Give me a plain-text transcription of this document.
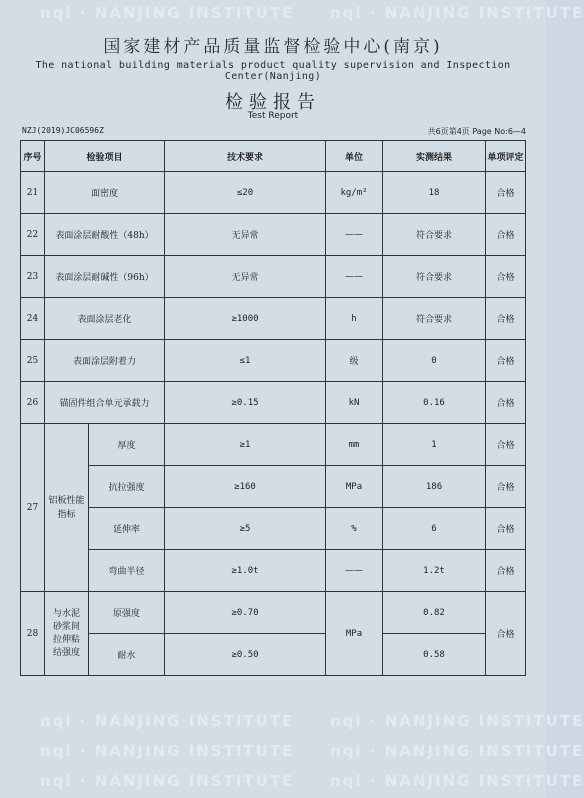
nqi · NANJING INSTITUTE nqi · NANJING INSTITUTE
nqi · NANJING INSTITUTE nqi · NANJING INSTITUTE
nqi · NANJING INSTITUTE nqi · NANJING INSTITUTE
nqi · NANJING INSTITUTE nqi · NANJING INSTITUTE
国家建材产品质量监督检验中心(南京)
The national building materials product quality supervision and Inspection Center(Nanjing)
检验报告
Test Report
NZJ(2019)JC06596Z	共6页第4页 Page No:6—4
序号	检验项目		技术要求	单位	实测结果	单项评定
21	面密度		≤20	kg/m²	18	合格
22	表面涂层耐酸性（48h）		无异常	——	符合要求	合格
23	表面涂层耐碱性（96h）		无异常	——	符合要求	合格
24	表面涂层老化		≥1000	h	符合要求	合格
25	表面涂层附着力		≤1	级	0	合格
26	锚固件组合单元承载力		≥0.15	kN	0.16	合格
27	铝板性能指标	厚度	≥1	mm	1	合格
		抗拉强度	≥160	MPa	186	合格
		延伸率	≥5	%	6	合格
		弯曲半径	≥1.0t	——	1.2t	合格
28	与水泥砂浆间拉伸粘结强度	原强度	≥0.70	MPa	0.82	合格
		耐水	≥0.50		0.58	
